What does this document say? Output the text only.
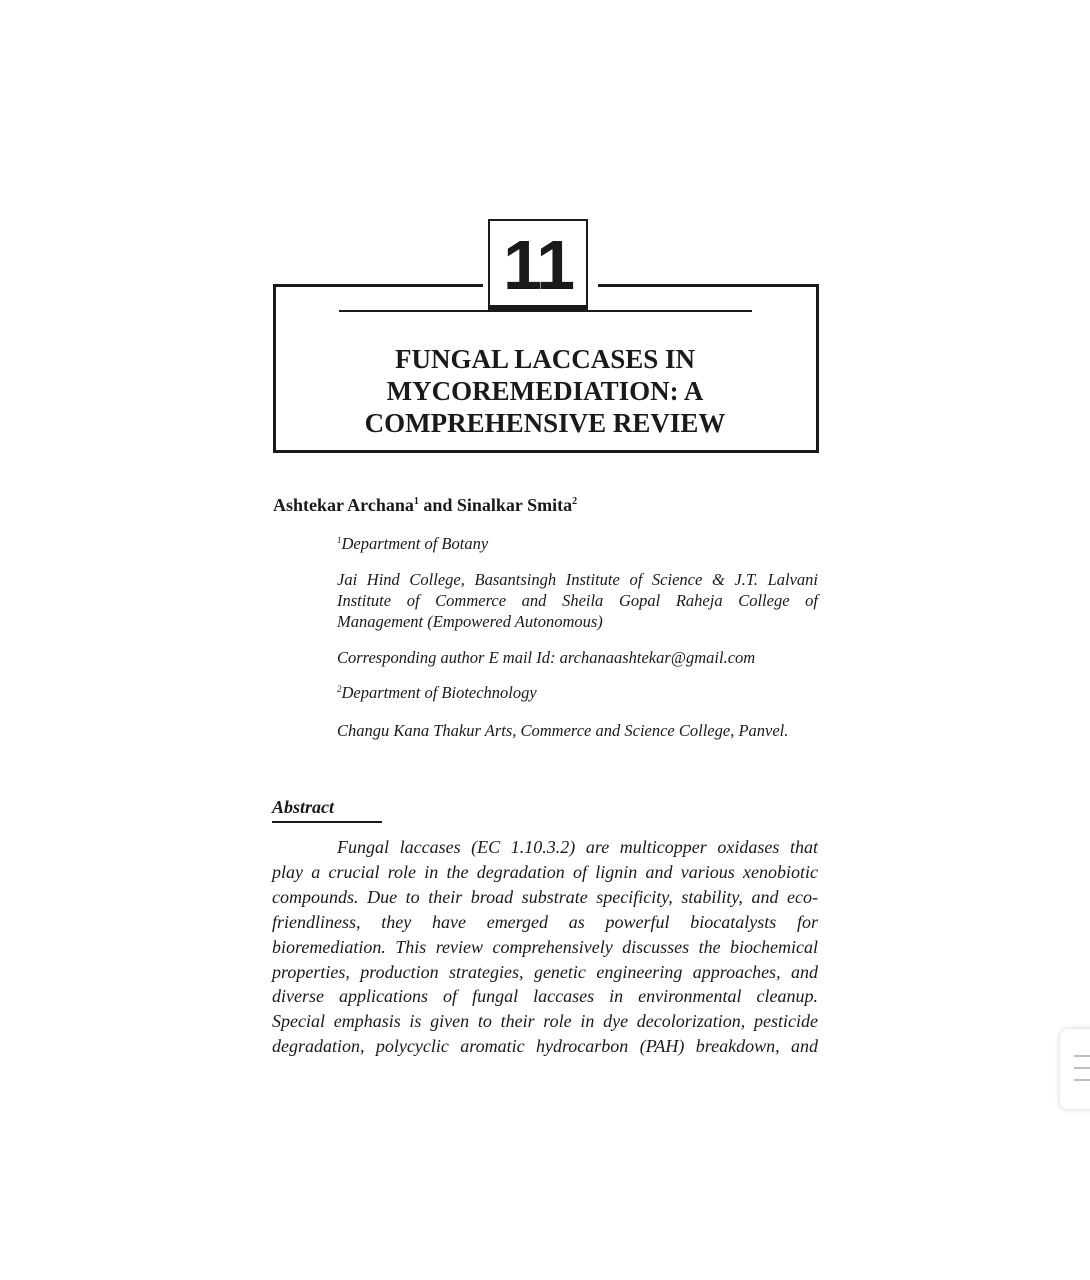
11
FUNGAL LACCASES IN
MYCOREMEDIATION: A
COMPREHENSIVE REVIEW
Ashtekar Archana$^1$ and Sinalkar Smita$^2$
$^1$Department of Botany
Jai Hind College, Basantsingh Institute of Science & J.T. Lalvani
Institute of Commerce and Sheila Gopal Raheja College of
Management (Empowered Autonomous)
Corresponding author E mail Id: archanaashtekar@gmail.com
$^2$Department of Biotechnology
Changu Kana Thakur Arts, Commerce and Science College, Panvel.
Abstract
Fungal laccases (EC 1.10.3.2) are multicopper oxidases that
play a crucial role in the degradation of lignin and various xenobiotic
compounds. Due to their broad substrate specificity, stability, and eco-
friendliness, they have emerged as powerful biocatalysts for
bioremediation. This review comprehensively discusses the biochemical
properties, production strategies, genetic engineering approaches, and
diverse applications of fungal laccases in environmental cleanup.
Special emphasis is given to their role in dye decolorization, pesticide
degradation, polycyclic aromatic hydrocarbon (PAH) breakdown, and
